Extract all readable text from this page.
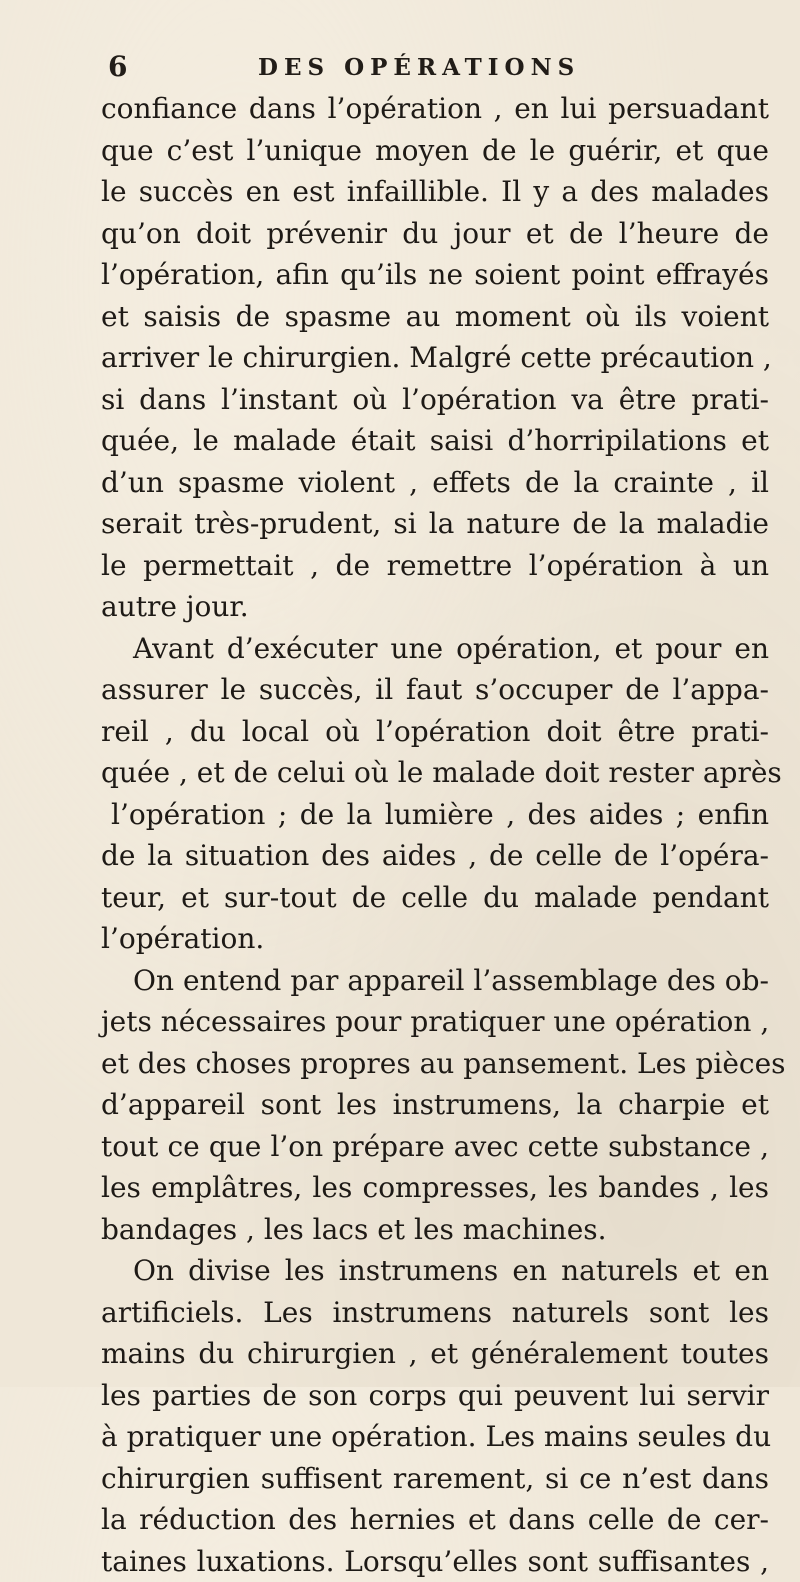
6	DES OPÉRATIONS
confiance dans l’opération , en lui persuadant
que c’est l’unique moyen de le guérir, et que
le succès en est infaillible. Il y a des malades
qu’on doit prévenir du jour et de l’heure de
l’opération, afin qu’ils ne soient point effrayés
et saisis de spasme au moment où ils voient
arriver le chirurgien. Malgré cette précaution ,
si dans l’instant où l’opération va être prati-
quée, le malade était saisi d’horripilations et
d’un spasme violent , effets de la crainte , il
serait très-prudent, si la nature de la maladie
le permettait , de remettre l’opération à un
autre jour.
Avant d’exécuter une opération, et pour en
assurer le succès, il faut s’occuper de l’appa-
reil , du local où l’opération doit être prati-
quée , et de celui où le malade doit rester après
l’opération ; de la lumière , des aides ; enfin
de la situation des aides , de celle de l’opéra-
teur, et sur-tout de celle du malade pendant
l’opération.
On entend par appareil l’assemblage des ob-
jets nécessaires pour pratiquer une opération ,
et des choses propres au pansement. Les pièces
d’appareil sont les instrumens, la charpie et
tout ce que l’on prépare avec cette substance ,
les emplâtres, les compresses, les bandes , les
bandages , les lacs et les machines.
On divise les instrumens en naturels et en
artificiels. Les instrumens naturels sont les
mains du chirurgien , et généralement toutes
les parties de son corps qui peuvent lui servir
à pratiquer une opération. Les mains seules du
chirurgien suffisent rarement, si ce n’est dans
la réduction des hernies et dans celle de cer-
taines luxations. Lorsqu’elles sont suffisantes ,
